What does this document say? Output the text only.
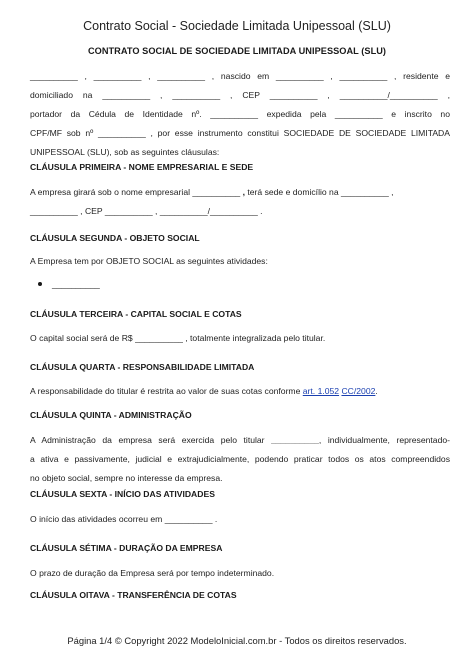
Contrato Social - Sociedade Limitada Unipessoal (SLU)
CONTRATO SOCIAL DE SOCIEDADE LIMITADA UNIPESSOAL (SLU)
__________ , __________ , __________ , nascido em __________ , __________ , residente e
domiciliado na __________ , __________ , CEP __________ , __________/__________ ,
portador da Cédula de Identidade nº. __________ expedida pela __________ e inscrito no
CPF/MF sob nº __________ , por esse instrumento constitui SOCIEDADE DE SOCIEDADE LIMITADA
UNIPESSOAL (SLU), sob as seguintes cláusulas:
CLÁUSULA PRIMEIRA - NOME EMPRESARIAL E SEDE
A empresa girará sob o nome empresarial __________ , terá sede e domicílio na __________ ,
__________ , CEP __________ , __________/__________ .
CLÁUSULA SEGUNDA - OBJETO SOCIAL
A Empresa tem por OBJETO SOCIAL as seguintes atividades:
__________
CLÁUSULA TERCEIRA - CAPITAL SOCIAL E COTAS
O capital social será de R$ __________ , totalmente integralizada pelo titular.
CLÁUSULA QUARTA - RESPONSABILIDADE LIMITADA
A responsabilidade do titular é restrita ao valor de suas cotas conforme art. 1.052 CC/2002.
CLÁUSULA QUINTA - ADMINISTRAÇÃO
A Administração da empresa será exercida pelo titular __________, individualmente, representado-
a ativa e passivamente, judicial e extrajudicialmente, podendo praticar todos os atos compreendidos
no objeto social, sempre no interesse da empresa.
CLÁUSULA SEXTA - INÍCIO DAS ATIVIDADES
O início das atividades ocorreu em __________ .
CLÁUSULA SÉTIMA - DURAÇÃO DA EMPRESA
O prazo de duração da Empresa será por tempo indeterminado.
CLÁUSULA OITAVA - TRANSFERÊNCIA DE COTAS
Página 1/4 © Copyright 2022 ModeloInicial.com.br - Todos os direitos reservados.
